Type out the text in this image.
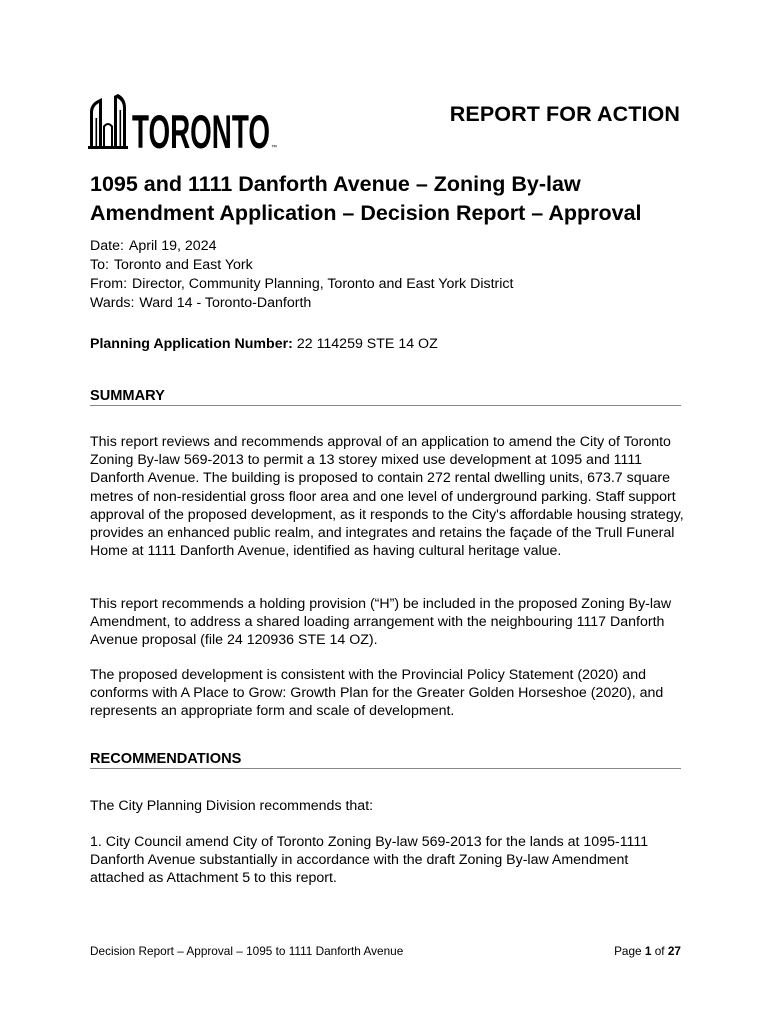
TORONTO ™
REPORT FOR ACTION
1095 and 1111 Danforth Avenue – Zoning By-law Amendment Application – Decision Report – Approval
Date: April 19, 2024
To: Toronto and East York
From: Director, Community Planning, Toronto and East York District
Wards: Ward 14 - Toronto-Danforth
Planning Application Number: 22 114259 STE 14 OZ
SUMMARY
This report reviews and recommends approval of an application to amend the City of Toronto Zoning By-law 569-2013 to permit a 13 storey mixed use development at 1095 and 1111 Danforth Avenue. The building is proposed to contain 272 rental dwelling units, 673.7 square metres of non-residential gross floor area and one level of underground parking. Staff support approval of the proposed development, as it responds to the City's affordable housing strategy, provides an enhanced public realm, and integrates and retains the façade of the Trull Funeral Home at 1111 Danforth Avenue, identified as having cultural heritage value.
This report recommends a holding provision (“H”) be included in the proposed Zoning By-law Amendment, to address a shared loading arrangement with the neighbouring 1117 Danforth Avenue proposal (file 24 120936 STE 14 OZ).
The proposed development is consistent with the Provincial Policy Statement (2020) and conforms with A Place to Grow: Growth Plan for the Greater Golden Horseshoe (2020), and represents an appropriate form and scale of development.
RECOMMENDATIONS
The City Planning Division recommends that:
1. City Council amend City of Toronto Zoning By-law 569-2013 for the lands at 1095-1111 Danforth Avenue substantially in accordance with the draft Zoning By-law Amendment attached as Attachment 5 to this report.
Decision Report – Approval – 1095 to 1111 Danforth Avenue	Page 1 of 27
